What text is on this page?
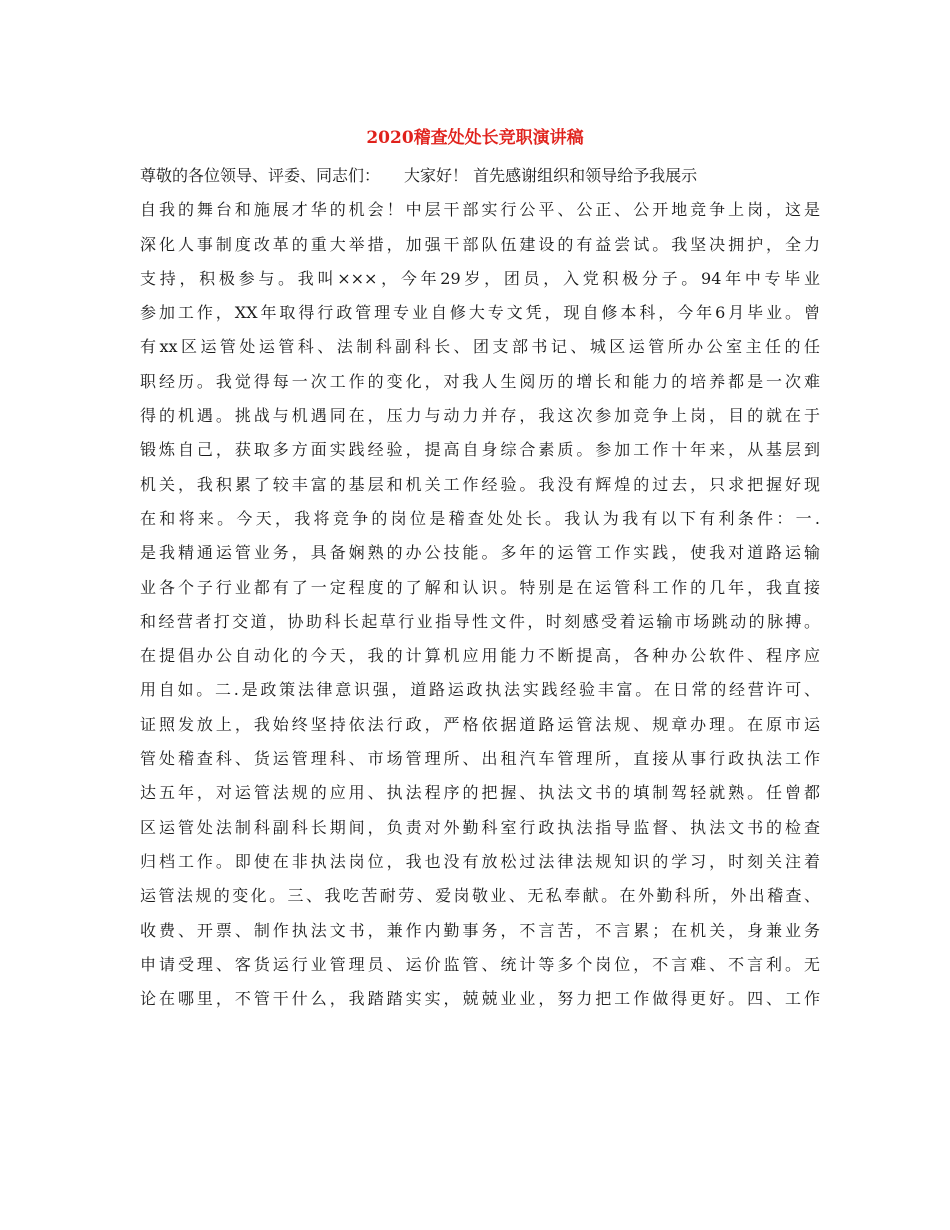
2020稽查处处长竞职演讲稿
尊敬的各位领导、评委、同志们：　　大家好！ 首先感谢组织和领导给予我展示
自我的舞台和施展才华的机会！中层干部实行公平、公正、公开地竞争上岗，这是
深化人事制度改革的重大举措，加强干部队伍建设的有益尝试。我坚决拥护，全力
支持，积极参与。我叫×××，今年29岁，团员，入党积极分子。94年中专毕业
参加工作，XX年取得行政管理专业自修大专文凭，现自修本科，今年6月毕业。曾
有xx区运管处运管科、法制科副科长、团支部书记、城区运管所办公室主任的任
职经历。我觉得每一次工作的变化，对我人生阅历的增长和能力的培养都是一次难
得的机遇。挑战与机遇同在，压力与动力并存，我这次参加竞争上岗，目的就在于
锻炼自己，获取多方面实践经验，提高自身综合素质。参加工作十年来，从基层到
机关，我积累了较丰富的基层和机关工作经验。我没有辉煌的过去，只求把握好现
在和将来。今天，我将竞争的岗位是稽查处处长。我认为我有以下有利条件：一.
是我精通运管业务，具备娴熟的办公技能。多年的运管工作实践，使我对道路运输
业各个子行业都有了一定程度的了解和认识。特别是在运管科工作的几年，我直接
和经营者打交道，协助科长起草行业指导性文件，时刻感受着运输市场跳动的脉搏。
在提倡办公自动化的今天，我的计算机应用能力不断提高，各种办公软件、程序应
用自如。二.是政策法律意识强，道路运政执法实践经验丰富。在日常的经营许可、
证照发放上，我始终坚持依法行政，严格依据道路运管法规、规章办理。在原市运
管处稽查科、货运管理科、市场管理所、出租汽车管理所，直接从事行政执法工作
达五年，对运管法规的应用、执法程序的把握、执法文书的填制驾轻就熟。任曾都
区运管处法制科副科长期间，负责对外勤科室行政执法指导监督、执法文书的检查
归档工作。即使在非执法岗位，我也没有放松过法律法规知识的学习，时刻关注着
运管法规的变化。三、我吃苦耐劳、爱岗敬业、无私奉献。在外勤科所，外出稽查、
收费、开票、制作执法文书，兼作内勤事务，不言苦，不言累；在机关，身兼业务
申请受理、客货运行业管理员、运价监管、统计等多个岗位，不言难、不言利。无
论在哪里，不管干什么，我踏踏实实，兢兢业业，努力把工作做得更好。四、工作
